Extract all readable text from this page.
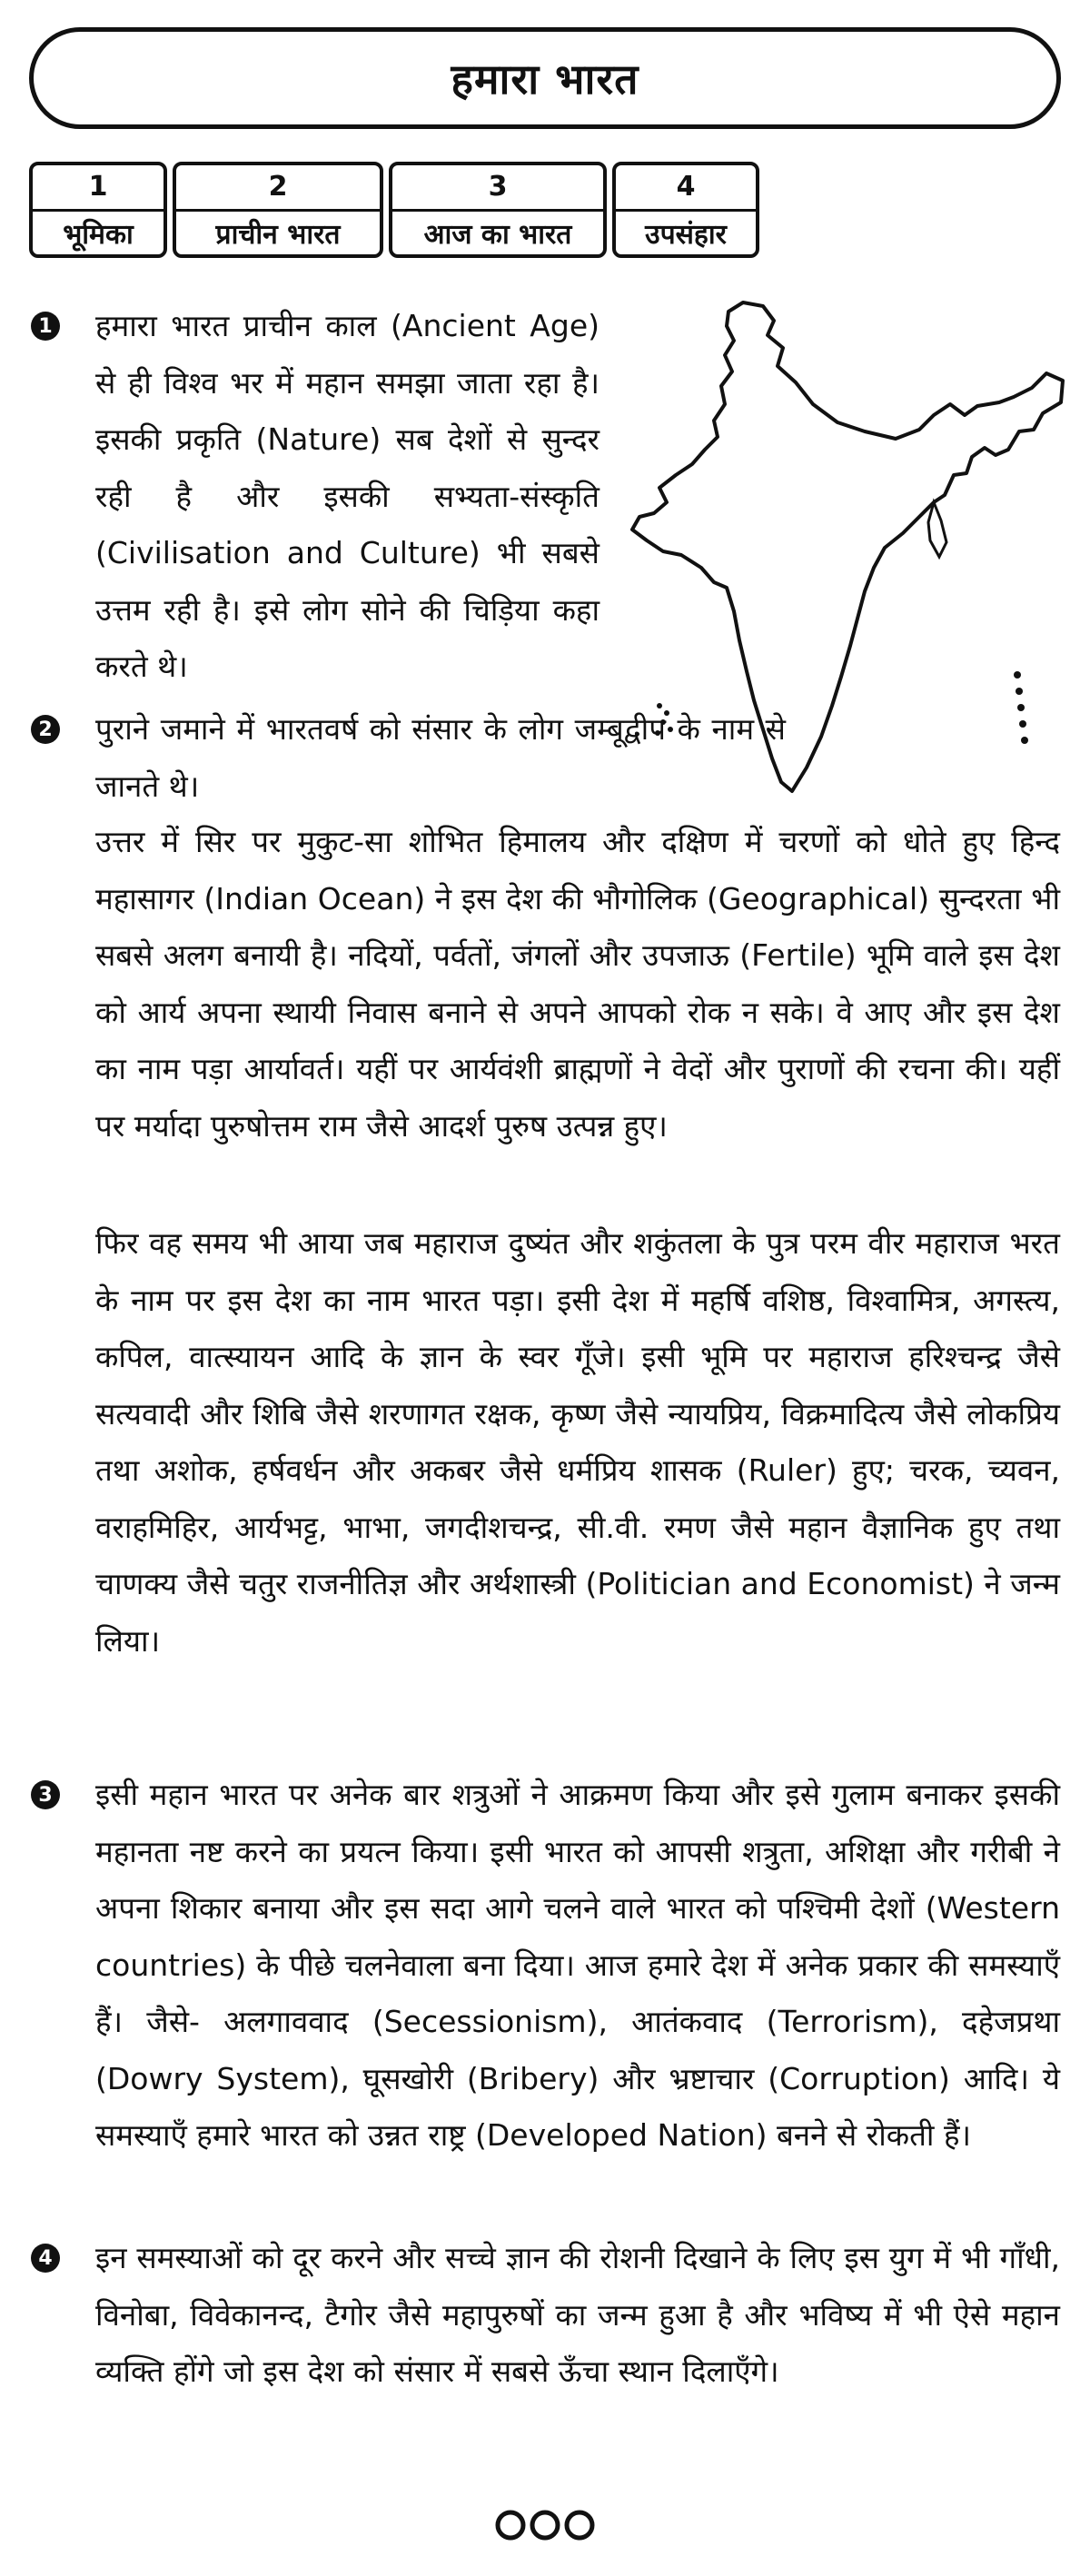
हमारा भारत
1
भूमिका
2
प्राचीन भारत
3
आज का भारत
4
उपसंहार
1 हमारा भारत प्राचीन काल (Ancient Age) से ही विश्व भर में महान समझा जाता रहा है। इसकी प्रकृति (Nature) सब देशों से सुन्दर रही है और इसकी सभ्यता-संस्कृति (Civilisation and Culture) भी सबसे उत्तम रही है। इसे लोग सोने की चिड़िया कहा करते थे।

2 पुराने जमाने में भारतवर्ष को संसार के लोग जम्बूद्वीप के नाम से जानते थे।

उत्तर में सिर पर मुकुट-सा शोभित हिमालय और दक्षिण में चरणों को धोते हुए हिन्द महासागर (Indian Ocean) ने इस देश की भौगोलिक (Geographical) सुन्दरता भी सबसे अलग बनायी है। नदियों, पर्वतों, जंगलों और उपजाऊ (Fertile) भूमि वाले इस देश को आर्य अपना स्थायी निवास बनाने से अपने आपको रोक न सके। वे आए और इस देश का नाम पड़ा आर्यावर्त। यहीं पर आर्यवंशी ब्राह्मणों ने वेदों और पुराणों की रचना की। यहीं पर मर्यादा पुरुषोत्तम राम जैसे आदर्श पुरुष उत्पन्न हुए।

फिर वह समय भी आया जब महाराज दुष्यंत और शकुंतला के पुत्र परम वीर महाराज भरत के नाम पर इस देश का नाम भारत पड़ा। इसी देश में महर्षि वशिष्ठ, विश्वामित्र, अगस्त्य, कपिल, वात्स्यायन आदि के ज्ञान के स्वर गूँजे। इसी भूमि पर महाराज हरिश्चन्द्र जैसे सत्यवादी और शिबि जैसे शरणागत रक्षक, कृष्ण जैसे न्यायप्रिय, विक्रमादित्य जैसे लोकप्रिय तथा अशोक, हर्षवर्धन और अकबर जैसे धर्मप्रिय शासक (Ruler) हुए; चरक, च्यवन, वराहमिहिर, आर्यभट्ट, भाभा, जगदीशचन्द्र, सी.वी. रमण जैसे महान वैज्ञानिक हुए तथा चाणक्य जैसे चतुर राजनीतिज्ञ और अर्थशास्त्री (Politician and Economist) ने जन्म लिया।

3 इसी महान भारत पर अनेक बार शत्रुओं ने आक्रमण किया और इसे गुलाम बनाकर इसकी महानता नष्ट करने का प्रयत्न किया। इसी भारत को आपसी शत्रुता, अशिक्षा और गरीबी ने अपना शिकार बनाया और इस सदा आगे चलने वाले भारत को पश्चिमी देशों (Western countries) के पीछे चलनेवाला बना दिया। आज हमारे देश में अनेक प्रकार की समस्याएँ हैं। जैसे- अलगाववाद (Secessionism), आतंकवाद (Terrorism), दहेजप्रथा (Dowry System), घूसखोरी (Bribery) और भ्रष्टाचार (Corruption) आदि। ये समस्याएँ हमारे भारत को उन्नत राष्ट्र (Developed Nation) बनने से रोकती हैं।

4 इन समस्याओं को दूर करने और सच्चे ज्ञान की रोशनी दिखाने के लिए इस युग में भी गाँधी, विनोबा, विवेकानन्द, टैगोर जैसे महापुरुषों का जन्म हुआ है और भविष्य में भी ऐसे महान व्यक्ति होंगे जो इस देश को संसार में सबसे ऊँचा स्थान दिलाएँगे।
